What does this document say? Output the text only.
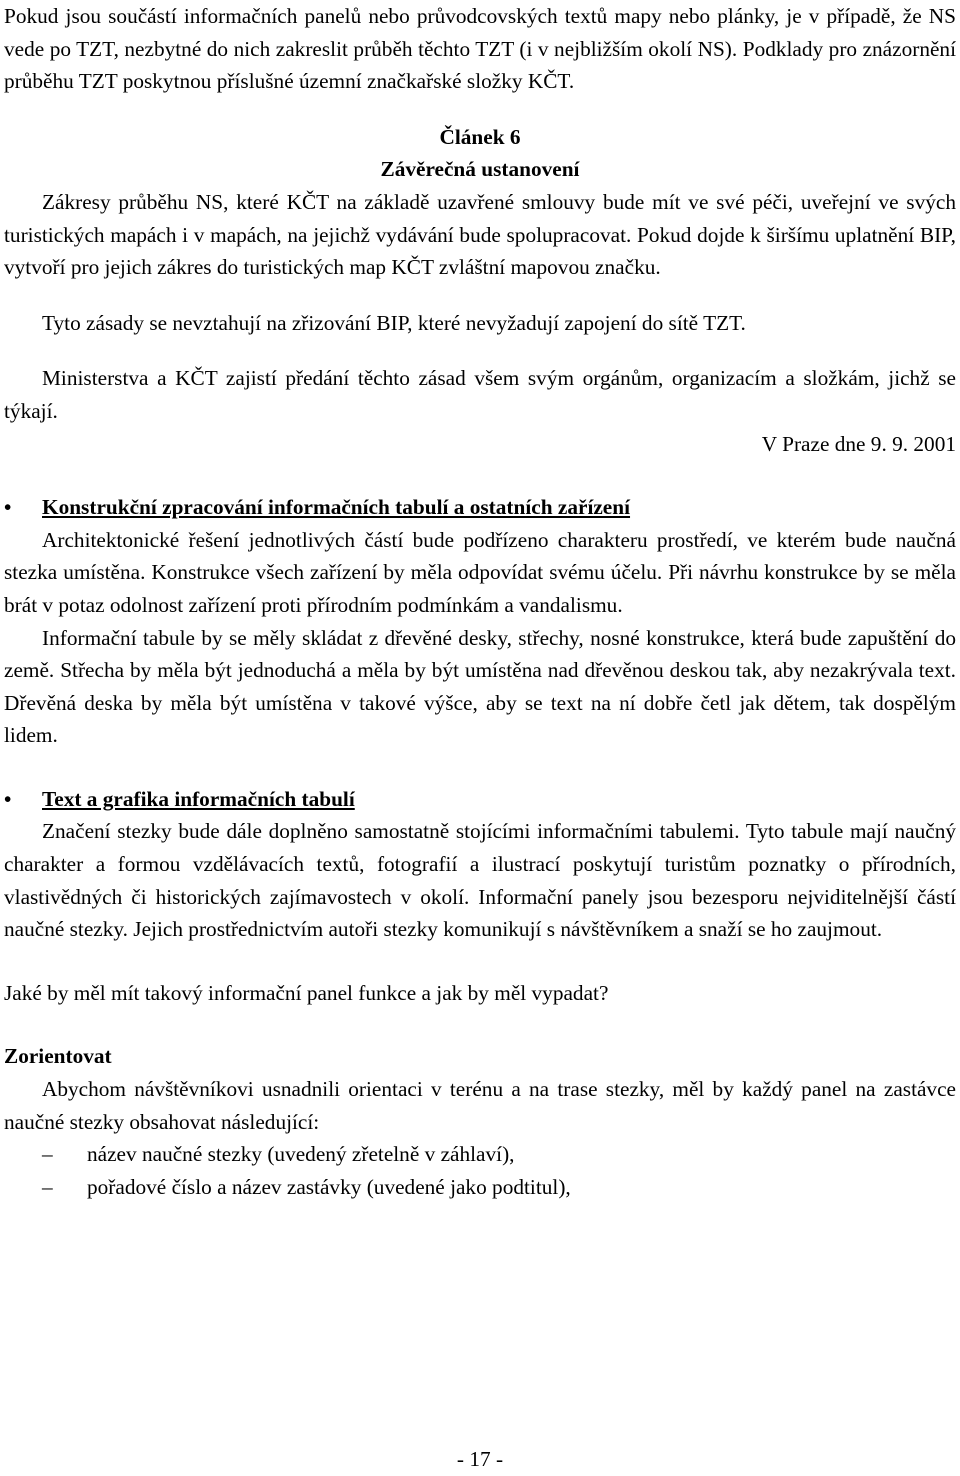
Pokud jsou součástí informačních panelů nebo průvodcovských textů mapy nebo plánky, je v případě, že NS vede po TZT, nezbytné do nich zakreslit průběh těchto TZT (i v nejbližším okolí NS). Podklady pro znázornění průběhu TZT poskytnou příslušné územní značkařské složky KČT.

Článek 6

Závěrečná ustanovení

Zákresy průběhu NS, které KČT na základě uzavřené smlouvy bude mít ve své péči, uveřejní ve svých turistických mapách i v mapách, na jejichž vydávání bude spolupracovat. Pokud dojde k širšímu uplatnění BIP, vytvoří pro jejich zákres do turistických map KČT zvláštní mapovou značku.

Tyto zásady se nevztahují na zřizování BIP, které nevyžadují zapojení do sítě TZT.

Ministerstva a KČT zajistí předání těchto zásad všem svým orgánům, organizacím a složkám, jichž se týkají.

V Praze dne 9. 9. 2001

• Konstrukční zpracování informačních tabulí a ostatních zařízení

Architektonické řešení jednotlivých částí bude podřízeno charakteru prostředí, ve kterém bude naučná stezka umístěna. Konstrukce všech zařízení by měla odpovídat svému účelu. Při návrhu konstrukce by se měla brát v potaz odolnost zařízení proti přírodním podmínkám a vandalismu.

Informační tabule by se měly skládat z dřevěné desky, střechy, nosné konstrukce, která bude zapuštění do země. Střecha by měla být jednoduchá a měla by být umístěna nad dřevěnou deskou tak, aby nezakrývala text. Dřevěná deska by měla být umístěna v takové výšce, aby se text na ní dobře četl jak dětem, tak dospělým lidem.

• Text a grafika informačních tabulí

Značení stezky bude dále doplněno samostatně stojícími informačními tabulemi. Tyto tabule mají naučný charakter a formou vzdělávacích textů, fotografií a ilustrací poskytují turistům poznatky o přírodních, vlastivědných či historických zajímavostech v okolí. Informační panely jsou bezesporu nejviditelnější částí naučné stezky. Jejich prostřednictvím autoři stezky komunikují s návštěvníkem a snaží se ho zaujmout.

Jaké by měl mít takový informační panel funkce a jak by měl vypadat?

Zorientovat

Abychom návštěvníkovi usnadnili orientaci v terénu a na trase stezky, měl by každý panel na zastávce naučné stezky obsahovat následující:

– název naučné stezky (uvedený zřetelně v záhlaví),

– pořadové číslo a název zastávky (uvedené jako podtitul),

- 17 -
